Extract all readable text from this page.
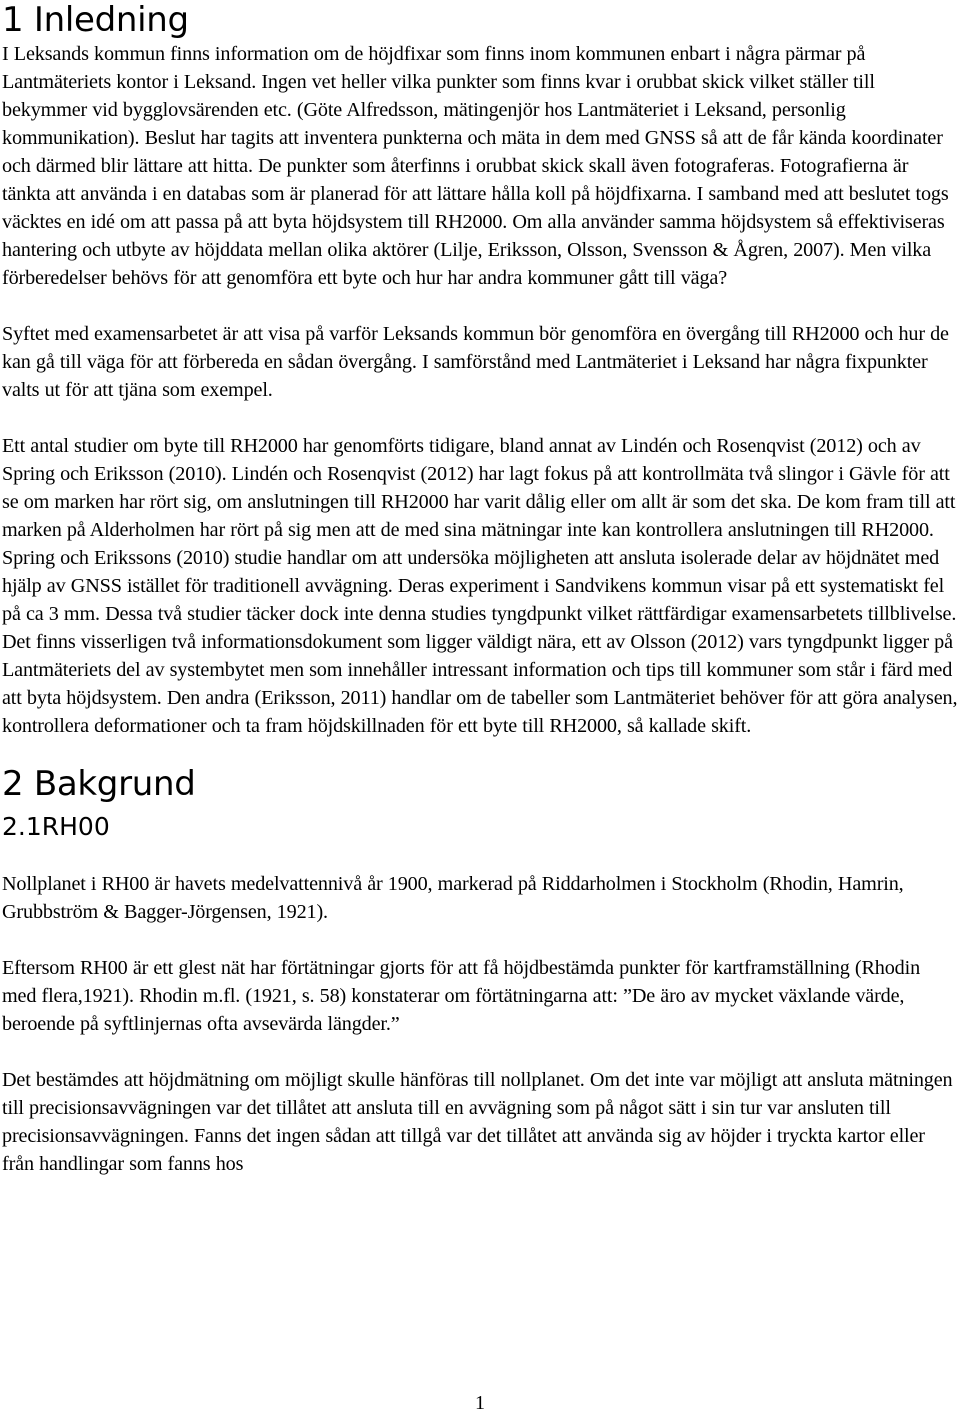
1 Inledning

I Leksands kommun finns information om de höjdfixar som finns inom kommunen enbart i några pärmar på Lantmäteriets kontor i Leksand. Ingen vet heller vilka punkter som finns kvar i orubbat skick vilket ställer till bekymmer vid bygglovsärenden etc. (Göte Alfredsson, mätingenjör hos Lantmäteriet i Leksand, personlig kommunikation). Beslut har tagits att inventera punkterna och mäta in dem med GNSS så att de får kända koordinater och därmed blir lättare att hitta. De punkter som återfinns i orubbat skick skall även fotograferas. Fotografierna är tänkta att använda i en databas som är planerad för att lättare hålla koll på höjdfixarna. I samband med att beslutet togs väcktes en idé om att passa på att byta höjdsystem till RH2000. Om alla använder samma höjdsystem så effektiviseras hantering och utbyte av höjddata mellan olika aktörer (Lilje, Eriksson, Olsson, Svensson & Ågren, 2007). Men vilka förberedelser behövs för att genomföra ett byte och hur har andra kommuner gått till väga?

Syftet med examensarbetet är att visa på varför Leksands kommun bör genomföra en övergång till RH2000 och hur de kan gå till väga för att förbereda en sådan övergång. I samförstånd med Lantmäteriet i Leksand har några fixpunkter valts ut för att tjäna som exempel.

Ett antal studier om byte till RH2000 har genomförts tidigare, bland annat av Lindén och Rosenqvist (2012) och av Spring och Eriksson (2010). Lindén och Rosenqvist (2012) har lagt fokus på att kontrollmäta två slingor i Gävle för att se om marken har rört sig, om anslutningen till RH2000 har varit dålig eller om allt är som det ska. De kom fram till att marken på Alderholmen har rört på sig men att de med sina mätningar inte kan kontrollera anslutningen till RH2000. Spring och Erikssons (2010) studie handlar om att undersöka möjligheten att ansluta isolerade delar av höjdnätet med hjälp av GNSS istället för traditionell avvägning. Deras experiment i Sandvikens kommun visar på ett systematiskt fel på ca 3 mm. Dessa två studier täcker dock inte denna studies tyngdpunkt vilket rättfärdigar examensarbetets tillblivelse. Det finns visserligen två informationsdokument som ligger väldigt nära, ett av Olsson (2012) vars tyngdpunkt ligger på Lantmäteriets del av systembytet men som innehåller intressant information och tips till kommuner som står i färd med att byta höjdsystem. Den andra (Eriksson, 2011) handlar om de tabeller som Lantmäteriet behöver för att göra analysen, kontrollera deformationer och ta fram höjdskillnaden för ett byte till RH2000, så kallade skift.

2 Bakgrund
2.1RH00

Nollplanet i RH00 är havets medelvattennivå år 1900, markerad på Riddarholmen i Stockholm (Rhodin, Hamrin, Grubbström & Bagger-Jörgensen, 1921).

Eftersom RH00 är ett glest nät har förtätningar gjorts för att få höjdbestämda punkter för kartframställning (Rhodin med flera,1921). Rhodin m.fl. (1921, s. 58) konstaterar om förtätningarna att: ”De äro av mycket växlande värde, beroende på syftlinjernas ofta avsevärda längder.”

Det bestämdes att höjdmätning om möjligt skulle hänföras till nollplanet. Om det inte var möjligt att ansluta mätningen till precisionsavvägningen var det tillåtet att ansluta till en avvägning som på något sätt i sin tur var ansluten till precisionsavvägningen. Fanns det ingen sådan att tillgå var det tillåtet att använda sig av höjder i tryckta kartor eller från handlingar som fanns hos

1
